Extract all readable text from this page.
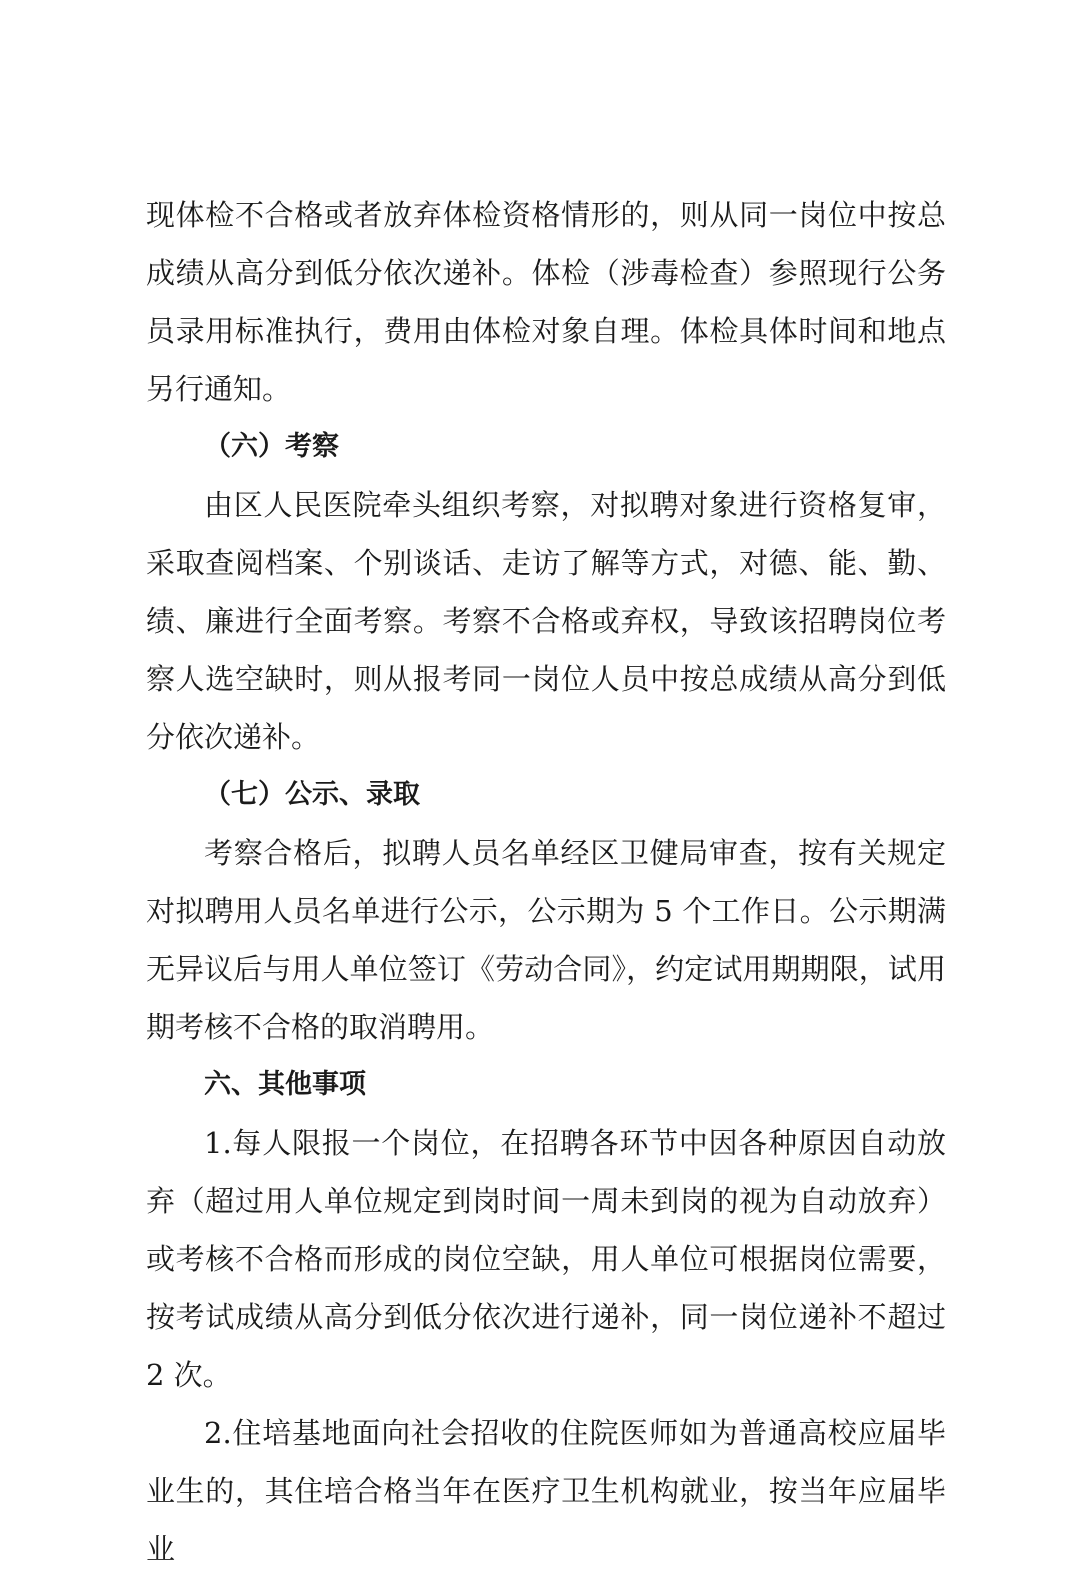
现体检不合格或者放弃体检资格情形的，则从同一岗位中按总成绩从高分到低分依次递补。体检（涉毒检查）参照现行公务员录用标准执行，费用由体检对象自理。体检具体时间和地点另行通知。

（六）考察

由区人民医院牵头组织考察，对拟聘对象进行资格复审，采取查阅档案、个别谈话、走访了解等方式，对德、能、勤、绩、廉进行全面考察。考察不合格或弃权，导致该招聘岗位考察人选空缺时，则从报考同一岗位人员中按总成绩从高分到低分依次递补。

（七）公示、录取

考察合格后，拟聘人员名单经区卫健局审查，按有关规定对拟聘用人员名单进行公示，公示期为 5 个工作日。公示期满无异议后与用人单位签订《劳动合同》，约定试用期期限，试用期考核不合格的取消聘用。

六、其他事项

1.每人限报一个岗位，在招聘各环节中因各种原因自动放弃（超过用人单位规定到岗时间一周未到岗的视为自动放弃）或考核不合格而形成的岗位空缺，用人单位可根据岗位需要，按考试成绩从高分到低分依次进行递补，同一岗位递补不超过 2 次。

2.住培基地面向社会招收的住院医师如为普通高校应届毕业生的，其住培合格当年在医疗卫生机构就业，按当年应届毕业
